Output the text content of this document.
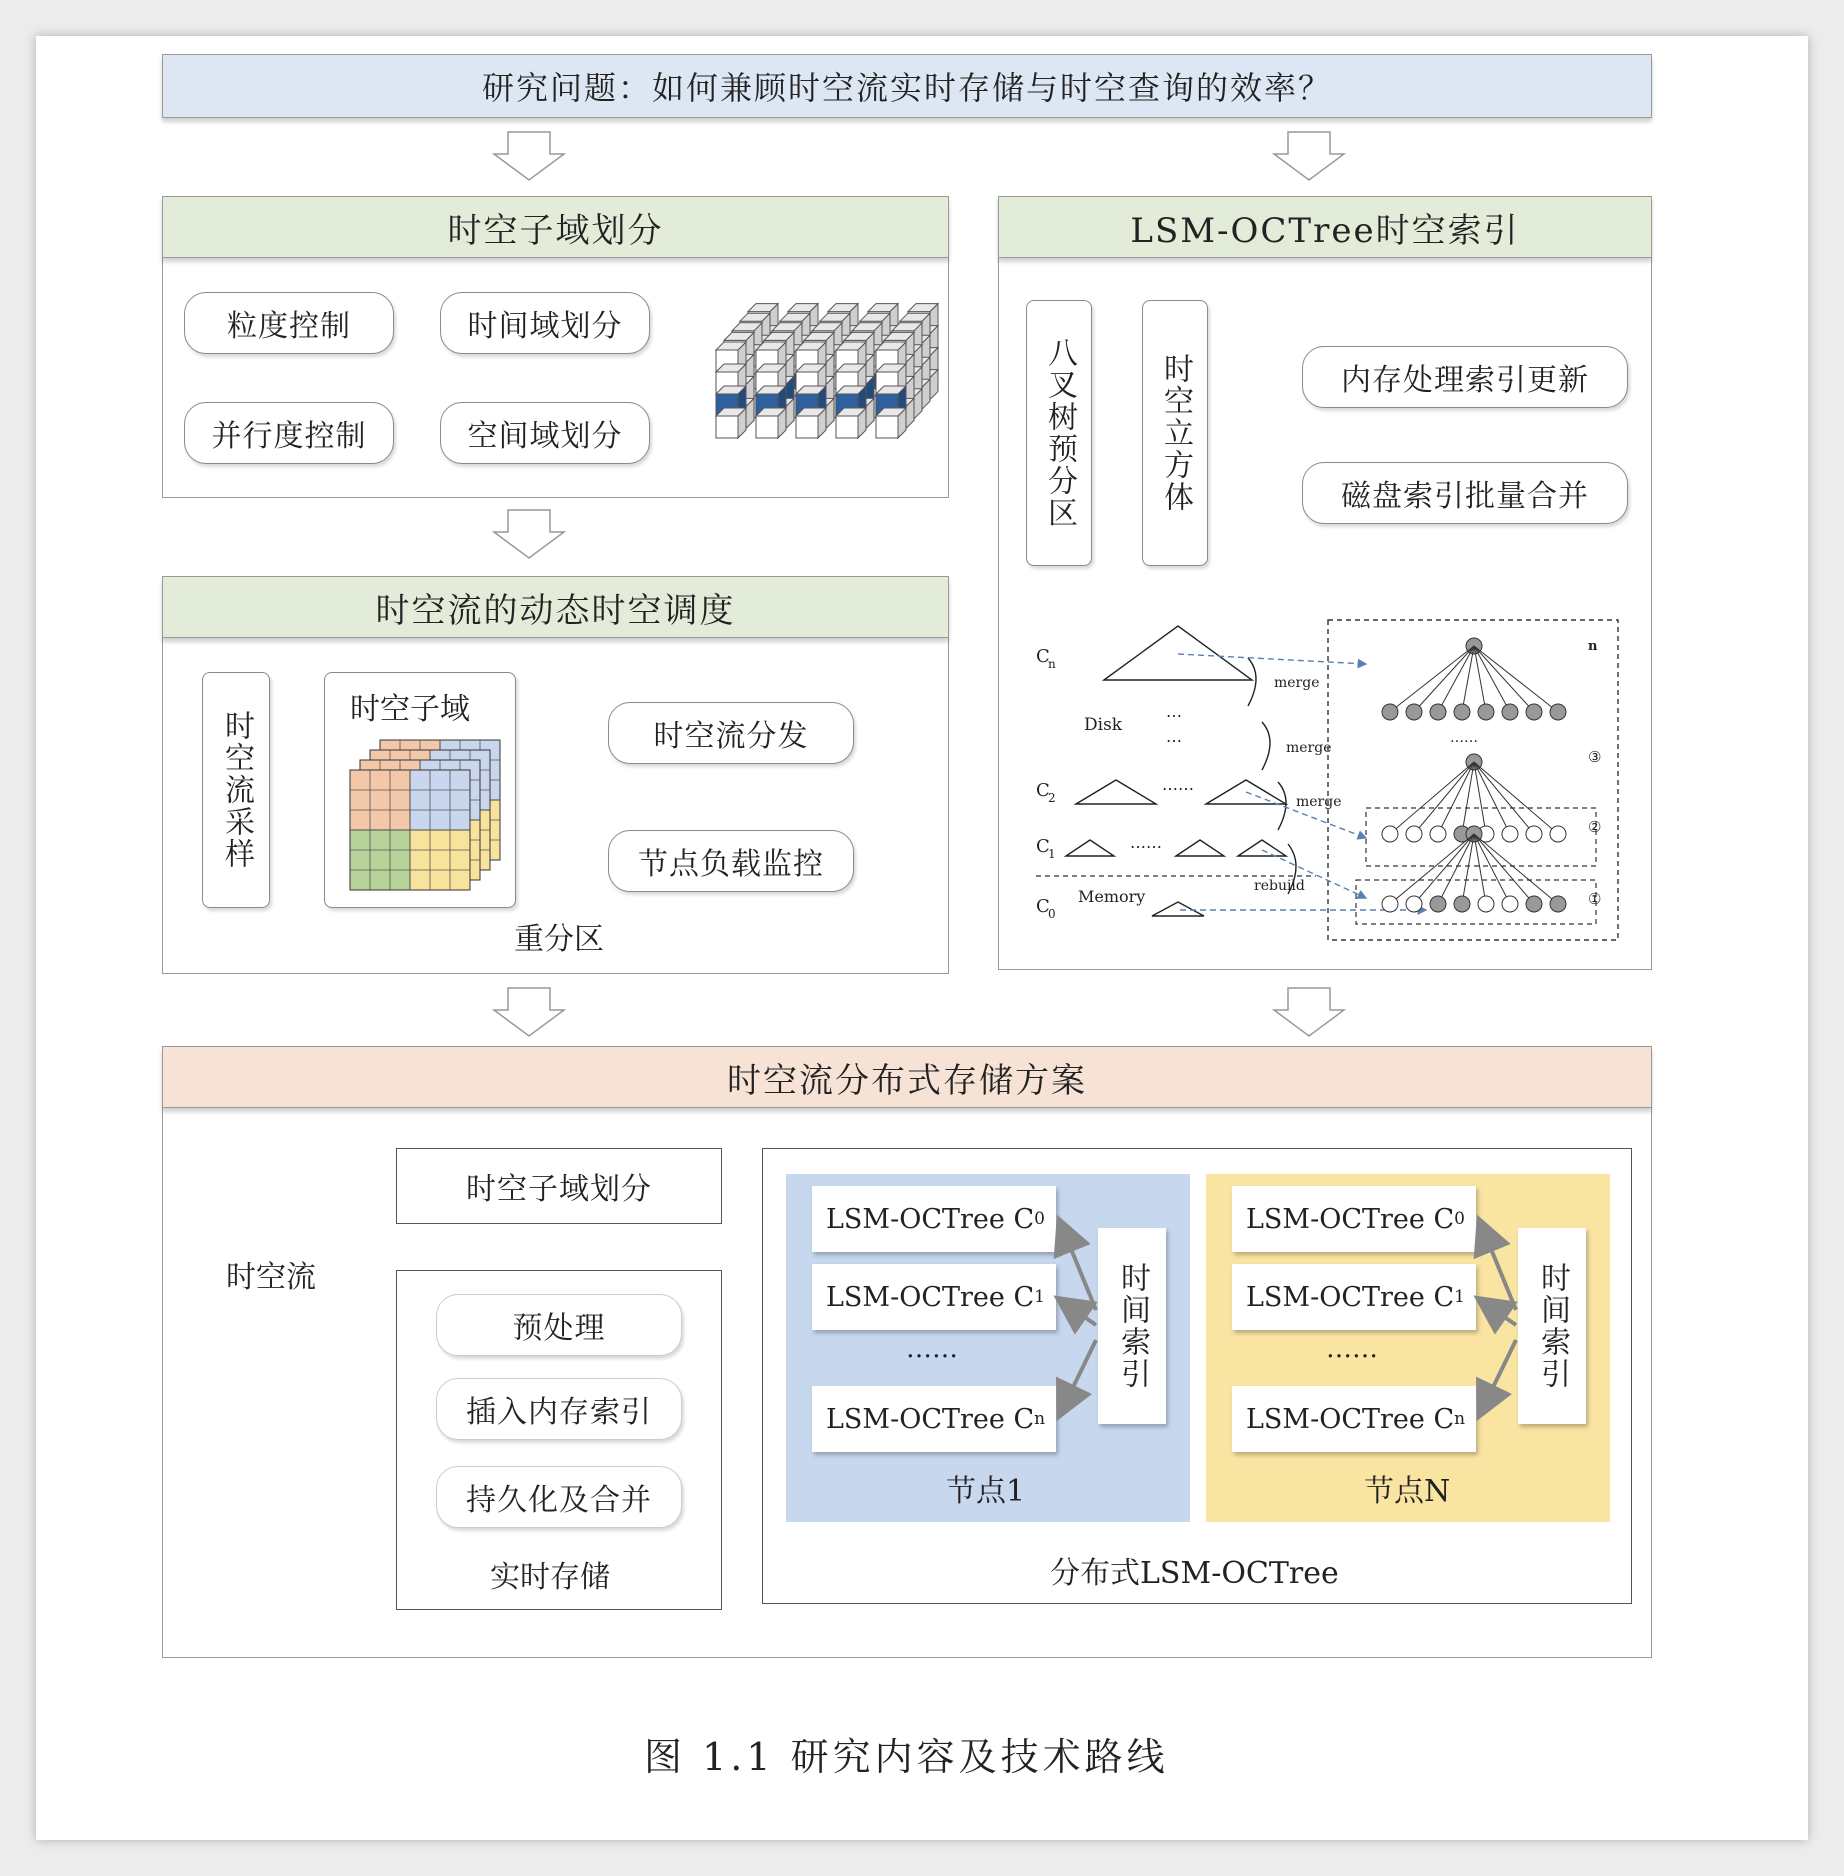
研究问题：如何兼顾时空流实时存储与时空查询的效率？
时空子域划分
粒度控制
并行度控制
时间域划分
空间域划分
时空流的动态时空调度
时空流采样
时空子域
时空流分发
节点负载监控
重分区
LSM-OCTree时空索引
八叉树预分区	时空立方体	内存处理索引更新
磁盘索引批量合并
C
n
Disk
…
…
C
2
……
C
1
……
C
0
Memory
merge
merge
merge
rebuild
n
③
②
①
……
时空流分布式存储方案
时空流
时空子域划分
预处理
插入内存索引
持久化及合并
实时存储
LSM-OCTree C 0
LSM-OCTree C 1
……
LSM-OCTree C n
时间索引
节点1
LSM-OCTree C 0
LSM-OCTree C 1
……
LSM-OCTree C n
时间索引
节点N
分布式LSM-OCTree
图 1.1 研究内容及技术路线
